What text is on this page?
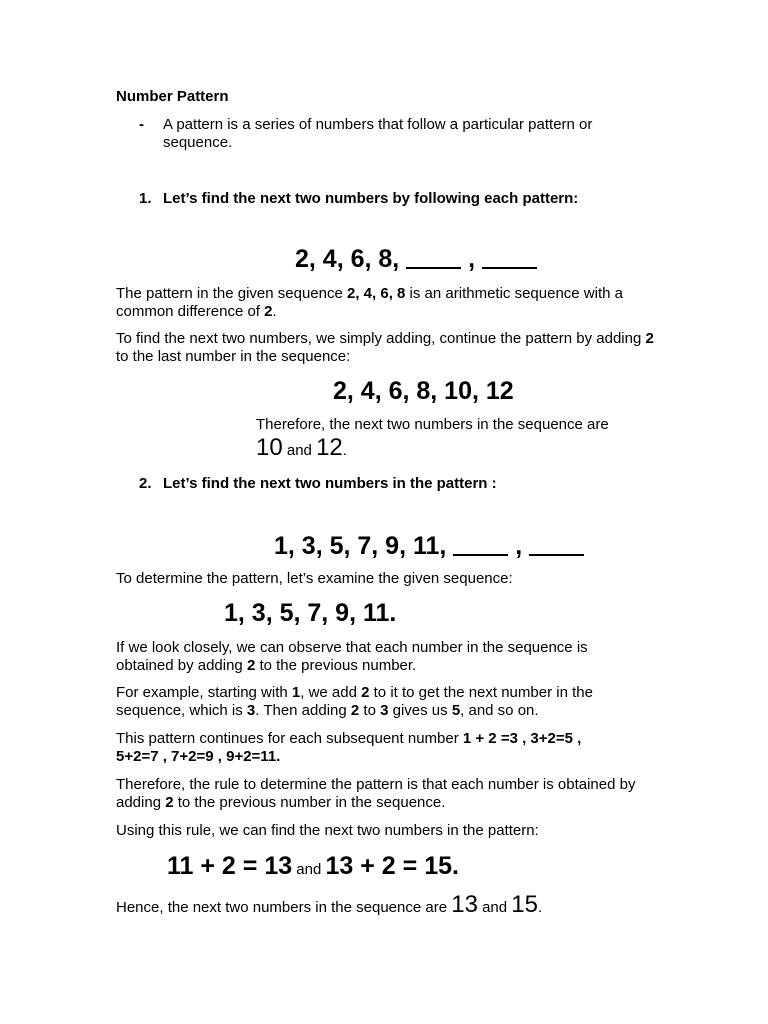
Number Pattern
- A pattern is a series of numbers that follow a particular pattern or sequence.
1. Let’s find the next two numbers by following each pattern:
2, 4, 6, 8,	,

The pattern in the given sequence 2, 4, 6, 8 is an arithmetic sequence with a common difference of 2.

To find the next two numbers, we simply adding, continue the pattern by adding 2 to the last number in the sequence:

2, 4, 6, 8, 10, 12
Therefore, the next two numbers in the sequence are
10 and 12.
2. Let’s find the next two numbers in the pattern :
1, 3, 5, 7, 9, 11,	,
To determine the pattern, let’s examine the given sequence:
1, 3, 5, 7, 9, 11.

If we look closely, we can observe that each number in the sequence is obtained by adding 2 to the previous number.

For example, starting with 1, we add 2 to it to get the next number in the sequence, which is 3. Then adding 2 to 3 gives us 5, and so on.

This pattern continues for each subsequent number 1 + 2 =3 , 3+2=5 , 5+2=7 , 7+2=9 , 9+2=11.

Therefore, the rule to determine the pattern is that each number is obtained by adding 2 to the previous number in the sequence.

Using this rule, we can find the next two numbers in the pattern:
11 + 2 = 13 and 13 + 2 = 15.
Hence, the next two numbers in the sequence are 13 and 15.
